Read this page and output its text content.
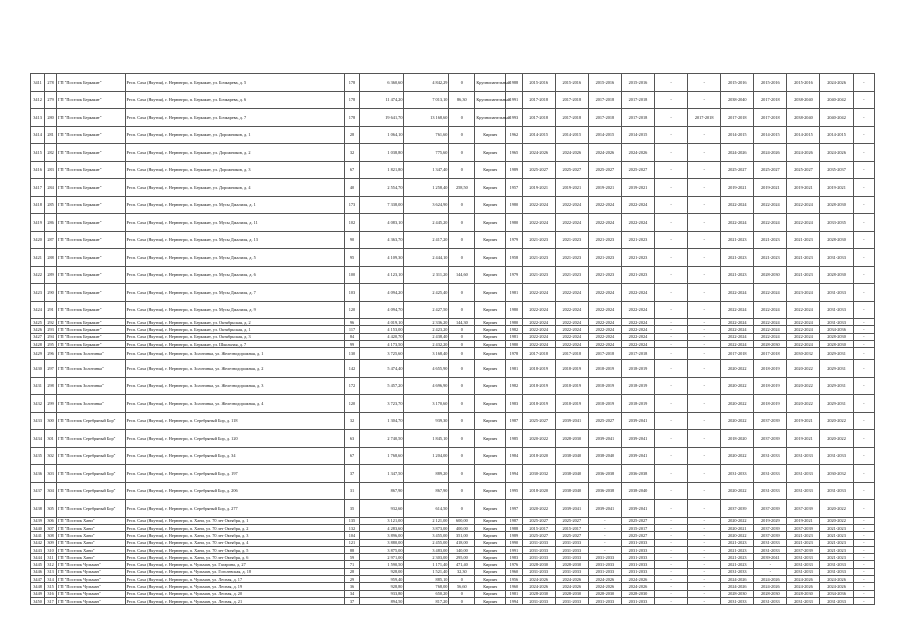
3411	278	ГП "Поселок Беркакит"	Респ. Саха (Якутия), г. Нерюнгри, п. Беркакит, ул. Бочкарева, д. 5	178	6 360,60	4 842,29	0	Крупнопанельный	1988	2015-2016	2015-2016	2015-2016	2015-2016	-	-	2015-2016	2015-2016	2015-2016	2024-2026	-
3412	279	ГП "Поселок Беркакит"	Респ. Саха (Якутия), г. Нерюнгри, п. Беркакит, ул. Бочкарева, д. 6	178	11 474,20	7 013,10	86,30	Крупнопанельный	1991	2017-2018	2017-2018	2017-2018	2017-2018	-	-	2038-2040	2017-2018	2038-2040	2040-2042	-
3413	280	ГП "Поселок Беркакит"	Респ. Саха (Якутия), г. Нерюнгри, п. Беркакит, ул. Бочкарева, д. 7	178	19 641,70	13 168,60	0	Крупнопанельный	1993	2017-2018	2017-2018	2017-2018	2017-2018	-	2017-2018	2017-2018	2017-2018	2038-2040	2040-2042	-
3414	281	ГП "Поселок Беркакит"	Респ. Саха (Якутия), г. Нерюнгри, п. Беркакит, ул. Дорожников, д. 1	28	1 064,10	761,60	0	Кирпич	1962	2014-2015	2014-2015	2014-2015	2014-2015	-	-	2014-2015	2014-2015	2014-2015	2014-2015	-
3415	282	ГП "Поселок Беркакит"	Респ. Саха (Якутия), г. Нерюнгри, п. Беркакит, ул. Дорожников, д. 2	32	1 038,80	775,60	0	Кирпич	1965	2024-2026	2024-2026	2024-2026	2024-2026	-	-	2024-2026	2024-2026	2024-2026	2024-2026	-
3416	283	ГП "Поселок Беркакит"	Респ. Саха (Якутия), г. Нерюнгри, п. Беркакит, ул. Дорожников, д. 3	67	1 821,80	1 347,40	0	Кирпич	1989	2025-2027	2025-2027	2025-2027	2025-2027	-	-	2025-2027	2025-2027	2025-2027	2035-2037	-
3417	284	ГП "Поселок Беркакит"	Респ. Саха (Якутия), г. Нерюнгри, п. Беркакит, ул. Дорожников, д. 4	40	2 554,70	1 258,40	258,50	Кирпич	1957	2019-2021	2019-2021	2019-2021	2019-2021	-	-	2019-2021	2019-2021	2019-2021	2019-2021	-
3418	285	ГП "Поселок Беркакит"	Респ. Саха (Якутия), г. Нерюнгри, п. Беркакит, ул. Мусы Джалиля, д. 1	173	7 338,00	3 624,90	0	Кирпич	1980	2022-2024	2022-2024	2022-2024	2022-2024	-	-	2022-2024	2022-2024	2022-2024	2028-2030	-
3419	286	ГП "Поселок Беркакит"	Респ. Саха (Якутия), г. Нерюнгри, п. Беркакит, ул. Мусы Джалиля, д. 11	102	4 083,10	2 445,20	0	Кирпич	1980	2022-2024	2022-2024	2022-2024	2022-2024	-	-	2022-2024	2022-2024	2022-2024	2033-2035	-
3420	287	ГП "Поселок Беркакит"	Респ. Саха (Якутия), г. Нерюнгри, п. Беркакит, ул. Мусы Джалиля, д. 13	90	4 363,70	2 417,20	0	Кирпич	1979	2021-2023	2021-2023	2021-2023	2021-2023	-	-	2021-2023	2021-2023	2021-2023	2028-2030	-
3421	288	ГП "Поселок Беркакит"	Респ. Саха (Якутия), г. Нерюнгри, п. Беркакит, ул. Мусы Джалиля, д. 5	95	4 109,30	2 444,10	0	Кирпич	1958	2021-2023	2021-2023	2021-2023	2021-2023	-	-	2021-2023	2021-2023	2021-2023	2031-2033	-
3422	289	ГП "Поселок Беркакит"	Респ. Саха (Якутия), г. Нерюнгри, п. Беркакит, ул. Мусы Джалиля, д. 6	100	4 123,10	2 311,20	144,60	Кирпич	1979	2021-2023	2021-2023	2021-2023	2021-2023	-	-	2021-2023	2028-2030	2021-2023	2028-2030	-
3423	290	ГП "Поселок Беркакит"	Респ. Саха (Якутия), г. Нерюнгри, п. Беркакит, ул. Мусы Джалиля, д. 7	103	4 094,20	2 425,40	0	Кирпич	1981	2022-2024	2022-2024	2022-2024	2022-2024	-	-	2022-2024	2022-2024	2023-2024	2031-2033	-
3424	291	ГП "Поселок Беркакит"	Респ. Саха (Якутия), г. Нерюнгри, п. Беркакит, ул. Мусы Джалиля, д. 9	120	4 094,70	2 427,50	0	Кирпич	1980	2022-2024	2022-2024	2022-2024	2022-2024	-	-	2022-2024	2022-2024	2022-2024	2031-2033	-
3425	292	ГП "Поселок Беркакит"	Респ. Саха (Якутия), г. Нерюнгри, п. Беркакит, ул. Октябрьская, д. 2	96	4 019,10	2 336,20	144,30	Кирпич	1980	2022-2024	2022-2024	2022-2024	2022-2024	-	-	2022-2024	2022-2024	2022-2024	2031-2033	-
3426	293	ГП "Поселок Беркакит"	Респ. Саха (Якутия), г. Нерюнгри, п. Беркакит, ул. Октябрьская, д. 1	117	4 153,00	2 423,20	0	Кирпич	1982	2022-2024	2022-2024	2022-2024	2022-2024	-	-	2022-2024	2022-2024	2022-2024	2034-2036	-
3427	294	ГП "Поселок Беркакит"	Респ. Саха (Якутия), г. Нерюнгри, п. Беркакит, ул. Октябрьская, д. 3	84	4 420,70	2 438,40	0	Кирпич	1981	2022-2024	2022-2024	2022-2024	2022-2024	-	-	2022-2024	2022-2024	2022-2024	2028-2030	-
3428	295	ГП "Поселок Беркакит"	Респ. Саха (Якутия), г. Нерюнгри, п. Беркакит, ул. Школьная, д. 7	99	4 173,50	2 432,20	0	Кирпич	1980	2022-2024	2022-2024	2022-2024	2022-2024	-	-	2022-2024	2028-2030	2022-2024	2028-2030	-
3429	296	ГП "Поселок Золотинка"	Респ. Саха (Якутия), г. Нерюнгри, п. Золотинка, ул. Железнодорожная, д. 1	130	3 725,60	3 168,40	0	Кирпич	1978	2017-2018	2017-2018	2017-2018	2017-2018	-	-	2017-2018	2017-2018	2030-2032	2029-2031	-
3430	297	ГП "Поселок Золотинка"	Респ. Саха (Якутия), г. Нерюнгри, п. Золотинка, ул. Железнодорожная, д. 2	142	5 474,40	4 655,90	0	Кирпич	1981	2018-2019	2018-2019	2018-2019	2018-2019	-	-	2020-2022	2018-2019	2020-2022	2029-2031	-
3431	298	ГП "Поселок Золотинка"	Респ. Саха (Якутия), г. Нерюнгри, п. Золотинка, ул. Железнодорожная, д. 3	172	5 457,20	4 696,90	0	Кирпич	1982	2018-2019	2018-2019	2018-2019	2018-2019	-	-	2020-2022	2018-2019	2020-2022	2029-2031	-
3432	299	ГП "Поселок Золотинка"	Респ. Саха (Якутия), г. Нерюнгри, п. Золотинка, ул. Железнодорожная, д. 4	120	3 723,70	3 170,60	0	Кирпич	1983	2018-2019	2018-2019	2018-2019	2018-2019	-	-	2020-2022	2018-2019	2020-2022	2029-2031	-
3433	300	ГП "Поселок Серебряный Бор"	Респ. Саха (Якутия), г. Нерюнгри, п. Серебряный Бор, д. 118	32	1 304,70	939,30	0	Кирпич	1987	2025-2027	2039-2041	2025-2027	2039-2041	-	-	2020-2022	2037-2039	2019-2021	2020-2022	-
3434	301	ГП "Поселок Серебряный Бор"	Респ. Саха (Якутия), г. Нерюнгри, п. Серебряный Бор, д. 120	63	2 740,50	1 845,10	0	Кирпич	1985	2020-2022	2028-2030	2039-2041	2039-2041	-	-	2018-2020	2037-2039	2019-2021	2020-2022	-
3435	302	ГП "Поселок Серебряный Бор"	Респ. Саха (Якутия), г. Нерюнгри, п. Серебряный Бор, д. 34	67	1 768,60	1 204,00	0	Кирпич	1984	2018-2020	2038-2040	2038-2040	2039-2041	-	-	2020-2022	2031-2033	2031-2033	2031-2033	-
3436	303	ГП "Поселок Серебряный Бор"	Респ. Саха (Якутия), г. Нерюнгри, п. Серебряный Бор, д. 197	37	1 347,50	889,20	0	Кирпич	1994	2030-2032	2038-2040	2036-2038	2036-2038	-	-	2031-2033	2031-2033	2031-2033	2030-2032	-
3437	304	ГП "Поселок Серебряный Бор"	Респ. Саха (Якутия), г. Нерюнгри, п. Серебряный Бор, д. 206	31	867,90	867,90	0	Кирпич	1995	2018-2020	2038-2040	2036-2038	2038-2040	-	-	2020-2022	2031-2033	2031-2033	2031-2033	-
3438	305	ГП "Поселок Серебряный Бор"	Респ. Саха (Якутия), г. Нерюнгри, п. Серебряный Бор, д. 277	35	932,60	614,50	0	Кирпич	1997	2020-2022	2039-2041	2039-2041	2039-2041	-	-	2037-2039	2037-2039	2037-2039	2020-2022	-
3439	306	ГП "Поселок Хани"	Респ. Саха (Якутия), г. Нерюнгри, п. Хани, ул. 70 лет Октября, д. 1	135	3 121,00	2 121,00	600,00	Кирпич	1987	2025-2027	2025-2027	-	2025-2027	-	-	2020-2022	2019-2029	2019-2021	2020-2022	-
3440	307	ГП "Поселок Хани"	Респ. Саха (Якутия), г. Нерюнгри, п. Хани, ул. 70 лет Октября, д. 2	132	4 283,60	3 873,00	400,00	Кирпич	1988	2015-2017	2015-2017	-	2015-2017	-	-	2020-2021	2037-2039	2037-2039	2021-2023	-
3441	308	ГП "Поселок Хани"	Респ. Саха (Якутия), г. Нерюнгри, п. Хани, ул. 70 лет Октября, д. 3	104	3 896,00	3 455,00	351,00	Кирпич	1989	2025-2027	2025-2027	-	2025-2027	-	-	2020-2022	2037-2039	2021-2023	2021-2023	-
3442	309	ГП "Поселок Хани"	Респ. Саха (Якутия), г. Нерюнгри, п. Хани, ул. 70 лет Октября, д. 4	121	3 880,00	2 455,00	418,00	Кирпич	1990	2031-2033	2031-2033	-	2031-2033	-	-	2021-2023	2031-2033	2021-2023	2021-2023	-
3443	310	ГП "Поселок Хани"	Респ. Саха (Якутия), г. Нерюнгри, п. Хани, ул. 70 лет Октября, д. 5	88	3 875,00	3 483,00	140,00	Кирпич	1991	2031-2033	2031-2033	-	2031-2033	-	-	2021-2023	2031-2033	2037-2039	2021-2023	-
3444	311	ГП "Поселок Хани"	Респ. Саха (Якутия), г. Нерюнгри, п. Хани, ул. 70 лет Октября, д. 6	59	2 971,00	2 303,00	295,00	Кирпич	1983	2031-2033	2031-2033	2031-2033	2031-2033	-	-	2021-2023	2039-2041	2031-2033	2021-2023	-
3445	312	ГП "Поселок Чульман"	Респ. Саха (Якутия), г. Нерюнгри, п. Чульман, ул. Гагарина, д. 27	71	1 590,50	1 171,40	471,40	Кирпич	1976	2028-2030	2028-2030	2031-2033	2031-2033	-	-	2021-2023	-	2031-2033	2031-2033	-
3446	313	ГП "Поселок Чульман"	Респ. Саха (Якутия), г. Нерюнгри, п. Чульман, ул. Гоголевская, д. 18	28	928,00	1 521,40	32,30	Кирпич	1960	2031-2033	2031-2033	2031-2033	2031-2033	-	-	2031-2033	-	2031-2033	2031-2033	-
3447	314	ГП "Поселок Чульман"	Респ. Саха (Якутия), г. Нерюнгри, п. Чульман, ул. Лесная, д. 17	29	959,40	885,10	0	Кирпич	1956	2024-2026	2024-2026	2024-2026	2024-2026	-	-	2024-2026	2024-2026	2024-2026	2024-2026	-
3448	315	ГП "Поселок Чульман"	Респ. Саха (Якутия), г. Нерюнгри, п. Чульман, ул. Лесная, д. 19	36	928,80	768,00	56,60	Кирпич	1960	2024-2026	2024-2026	2024-2026	2024-2026	-	-	2024-2026	2024-2026	2024-2026	2024-2026	-
3449	316	ГП "Поселок Чульман"	Респ. Саха (Якутия), г. Нерюнгри, п. Чульман, ул. Лесная, д. 20	34	933,80	650,20	0	Кирпич	1981	2028-2030	2028-2030	2028-2030	2028-2030	-	-	2028-2030	2028-2030	2028-2030	2034-2036	-
3450	317	ГП "Поселок Чульман"	Респ. Саха (Якутия), г. Нерюнгри, п. Чульман, ул. Лесная, д. 21	37	894,50	817,20	0	Кирпич	1994	2031-2033	2031-2033	2031-2033	2031-2033	-	-	2031-2033	2031-2033	2031-2033	2031-2033	-
